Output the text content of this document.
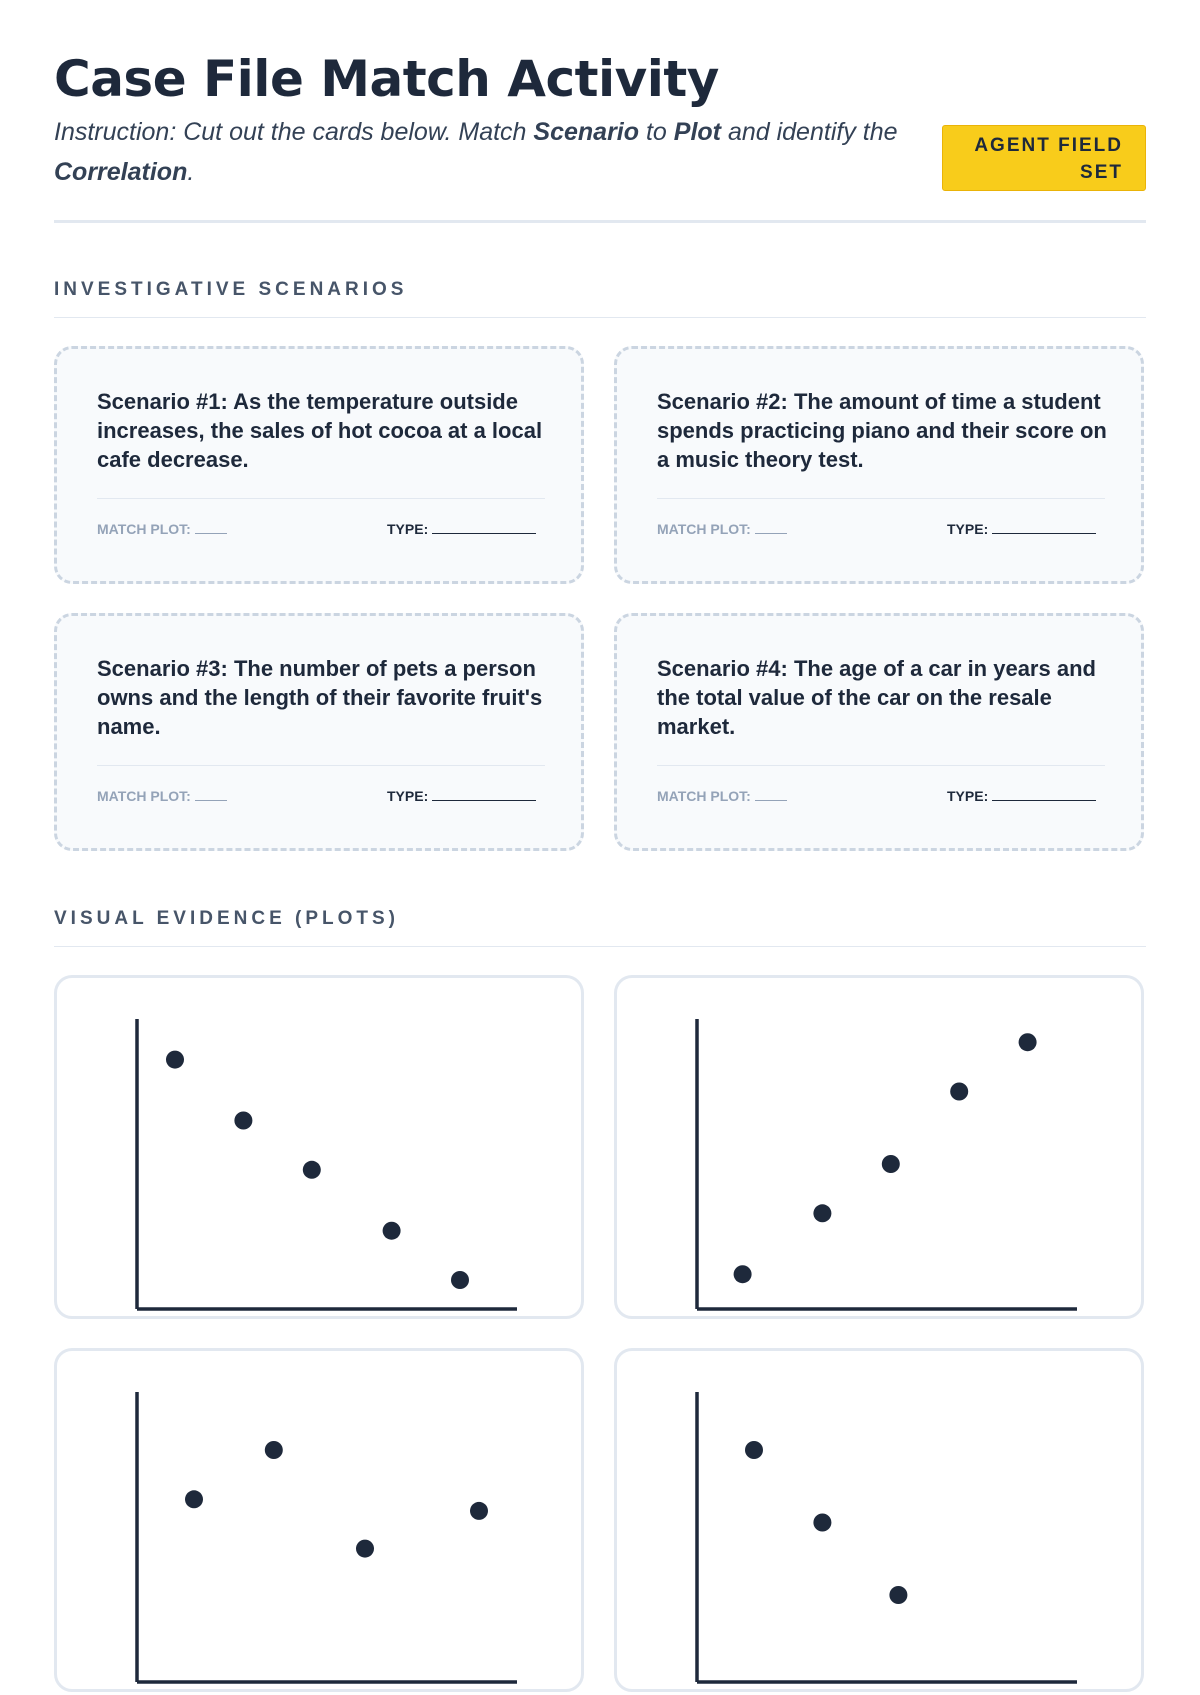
Case File Match Activity
Instruction: Cut out the cards below. Match Scenario to Plot and identify the Correlation.
AGENT FIELD SET
INVESTIGATIVE SCENARIOS
Scenario #1: As the temperature outside increases, the sales of hot cocoa at a local cafe decrease.
MATCH PLOT:	TYPE:
Scenario #2: The amount of time a student spends practicing piano and their score on a music theory test.
MATCH PLOT:	TYPE:
Scenario #3: The number of pets a person owns and the length of their favorite fruit's name.
MATCH PLOT:	TYPE:
Scenario #4: The age of a car in years and the total value of the car on the resale market.
MATCH PLOT:	TYPE:
VISUAL EVIDENCE (PLOTS)
